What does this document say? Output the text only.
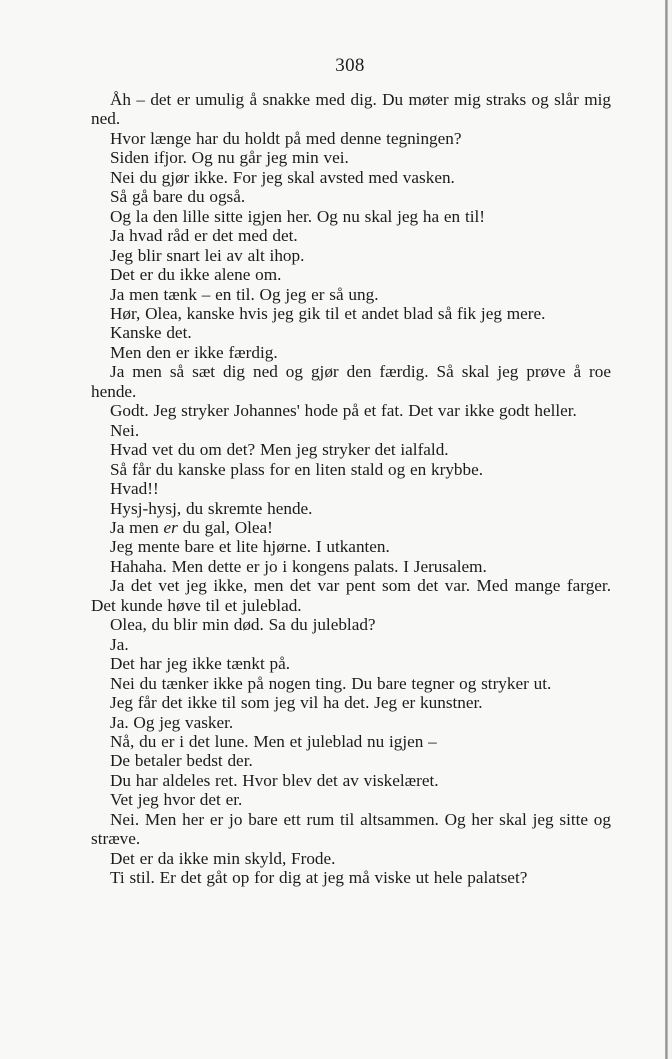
308

Åh – det er umulig å snakke med dig. Du møter mig straks og slår mig ned.

Hvor længe har du holdt på med denne tegningen?

Siden ifjor. Og nu går jeg min vei.

Nei du gjør ikke. For jeg skal avsted med vasken.

Så gå bare du også.

Og la den lille sitte igjen her. Og nu skal jeg ha en til!

Ja hvad råd er det med det.

Jeg blir snart lei av alt ihop.

Det er du ikke alene om.

Ja men tænk – en til. Og jeg er så ung.

Hør, Olea, kanske hvis jeg gik til et andet blad så fik jeg mere.

Kanske det.

Men den er ikke færdig.

Ja men så sæt dig ned og gjør den færdig. Så skal jeg prøve å roe hende.

Godt. Jeg stryker Johannes' hode på et fat. Det var ikke godt heller.

Nei.

Hvad vet du om det? Men jeg stryker det ialfald.

Så får du kanske plass for en liten stald og en krybbe.

Hvad!!

Hysj-hysj, du skremte hende.

Ja men er du gal, Olea!

Jeg mente bare et lite hjørne. I utkanten.

Hahaha. Men dette er jo i kongens palats. I Jerusalem.

Ja det vet jeg ikke, men det var pent som det var. Med mange farger. Det kunde høve til et juleblad.

Olea, du blir min død. Sa du juleblad?

Ja.

Det har jeg ikke tænkt på.

Nei du tænker ikke på nogen ting. Du bare tegner og stryker ut.

Jeg får det ikke til som jeg vil ha det. Jeg er kunstner.

Ja. Og jeg vasker.

Nå, du er i det lune. Men et juleblad nu igjen –

De betaler bedst der.

Du har aldeles ret. Hvor blev det av viskelæret.

Vet jeg hvor det er.

Nei. Men her er jo bare ett rum til altsammen. Og her skal jeg sitte og stræve.

Det er da ikke min skyld, Frode.

Ti stil. Er det gåt op for dig at jeg må viske ut hele palatset?
